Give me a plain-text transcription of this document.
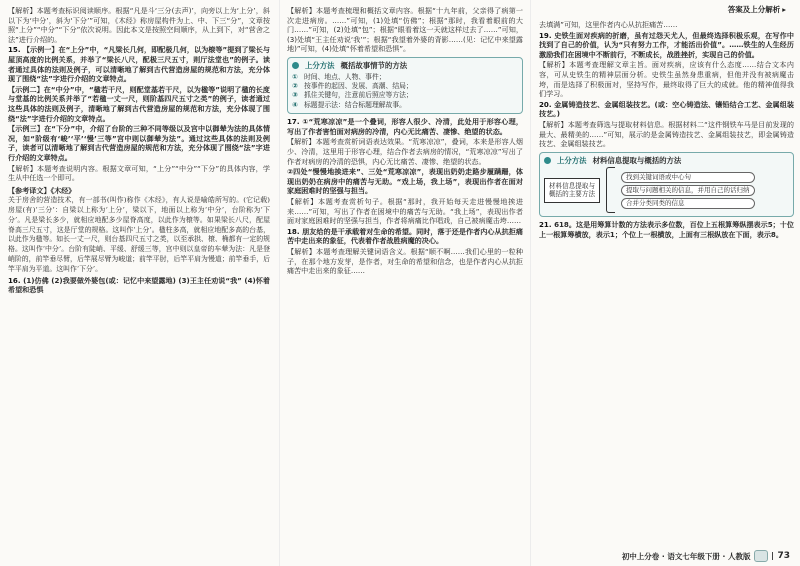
答案及上分解析 ▸

【解析】本题考查标识阅读顺序。根据“凡是斗‘三分(去声)’，向旁以上为‘上分’，斜以下为‘中分’，斜为‘下分’”可知，《木经》称房屋构件为上、中、下三“分”，文章按照“上分”“中分”“下分”依次说明。因此本文是按照空间顺序，从上到下，对“营舍之法”进行介绍的。

15. 【示例一】在“上分”中，“凡梁长几何，即配极几何，以为榱等”提到了梁长与屋顶高度的比例关系，并举了“梁长八尺，配极三尺五寸，则厅法堂也”的例子。读者通过具体的法则及例子，可以清晰地了解到古代营造房屋的规范和方法，充分体现了围绕“法”字进行介绍的文章特点。

【示例二】在“中分”中，“楹若干尺，则配堂基若干尺，以为楹等”说明了楹的长度与堂基的比例关系并举了“若楹一丈一尺，则阶基四尺五寸之类”的例子，读者通过这些具体的法则及例子，清晰地了解到古代营造房屋的规范和方法，充分体现了围绕“法”字进行介绍的文章特点。

【示例三】在“下分”中，介绍了台阶的三种不同等级以及宫中以御辇为法的具体情况，如“阶级有‘峻’‘平’‘慢’三等”宫中则以御辇为法”。通过这些具体的法则及例子，读者可以清晰地了解到古代营造房屋的规范和方法，充分体现了围绕“法”字进行介绍的文章特点。

【解析】本题考查说明内容。根据文章可知，“上分”“中分”“下分”的具体内容，学生从中任选一个即可。

【参考译文】《木经》

关于房舍的营造技术，有一部书(叫作)称作《木经》，有人说是喻皓所写的。(它记载)房屋(有)‘三分’：自梁以上称为‘上分’，梁以下，地面以上称为‘中分’，台阶称为‘下分’。凡是梁长多少，就相应地配多少屋脊高度，以此作为榱等。如果梁长八尺，配屋脊高三尺五寸，这是厅堂的规格。这叫作‘上分’。楹柱多高，就相应地配多高的台基，以此作为楹等。如长一丈一尺，则台基四尺五寸之类，以至承拱、榱、桷都有一定的规格。这叫作‘中分’。台阶有陡峭、平缓、舒缓三等，宫中则以皇帝的车辇为法：凡是登峭阶的，前竿垂尽臂，后竿展尽臂为峻道；前竿平肘，后竿平肩为慢道；前竿垂手，后竿平肩为平道。这叫作‘下分’。

16. (1)仿佛 (2)我要做外婆包(或：记忆中来望露地) (3)王主任劝说“我” (4)怀着希望和恐惧

【解析】本题考查梳理和概括文章内容。根据“十九年前，父亲得了病第一次走进病房。……”可知，(1)处填“仿佛”；根据“那时，我看着眼前的大门……”可知，(2)处填“包”；根据“眼看着这一天就这样过去了……”可知，(3)处填“王主任劝说‘我’”；根据“我望着外婆的背影……(见：记忆中来望露地)”可知，(4)处填“怀着希望和恐惧”。

上分方法 概括故事情节的方法
① 时间、地点、人物、事件；
② 按事件的起因、发展、高潮、结局；
③ 抓住关键句，注意前后照应等方法；
④ 标题提示法：结合标题理解故事。

17. ①“荒寒凉凉”是一个叠词，形容人很少、冷清，此处用于形容心理，写出了作者害怕面对病房的冷清，内心无比痛苦、凄惨、绝望的状态。

【解析】本题考查赏析词语表达效果。“荒寒凉凉”，叠词，本来是形容人烟少、冷清，这里用于形容心理，结合作者去病房的情况，“荒寒凉凉”写出了作者对病房的冷清的恐惧，内心无比痛苦、凄惨、绝望的状态。

②四处“慢慢地挨进来”、三处“荒寒凉凉”，表现出奶奶走路步履蹒跚，体现出奶奶在病房中的痛苦与无助。“戏上场，我上场”，表现出作者在面对家庭困难时的坚强与担当。

【解析】本题考查赏析句子。根据“那时，我开始每天走进慢慢地挨进来……”可知，写出了作者在困境中的痛苦与无助。“我上场”，表现出作者面对家庭困难时的坚强与担当，作者将病痛比作唱戏，自己被病魔击垮……

18. 朋友给的是干承载着对生命的希望。同时，落于还是作者内心从抗拒痛苦中走出来的象征，代表着作者战胜病魔的决心。

【解析】本题考查理解关键词语含义。根据“顺不啊……我们心里的一粒种子，在那个地方发芽，是作者，对生命的希望和信念，也是作者内心从抗拒痛苦中走出来的象征……

去填满”可知，这里作者内心从抗拒痛苦……

19. 史铁生面对疾病的折磨，虽有过怨天尤人，但最终选择积极乐观，在写作中找到了自己的价值，认为“只有努力工作，才能活出价值”。……铁生的人生经历激励我们在困境中不断前行，不断成长，战胜挫折，实现自己的价值。

【解析】本题考查理解文章主旨。面对疾病，应该有什么态度……结合文本内容，可从史铁生的精神层面分析。史铁生虽然身患重病，但他并没有被病魔击垮，而是选择了积极面对，坚持写作，最终取得了巨大的成就。他的精神值得我们学习。

20. 金属铸造技艺、金属组装技艺。(或：空心铸造法、镶铅结合工艺、金属组装技艺。)

【解析】本题考查筛选与提取材料信息。根据材料二“这件钢铁车马是目前发现的最大、最精美的……”可知，展示的是金属铸造技艺、金属组装技艺，即金属铸造技艺、金属组装技艺。

上分方法 材料信息提取与概括的方法
材料信息提取与概括的主要方法
找到关键词语或中心句
提取与问题相关的信息，并用自己的话归纳
合并分类同类的信息

21. 618。这是用筹算计数的方法表示多位数，百位上五根算筹纵摆表示5；十位上一根算筹横放，表示1；个位上一根横放，上面有三根纵放在下面，表示8。

初中上分卷 · 语文七年级下册 · 人教版	73
